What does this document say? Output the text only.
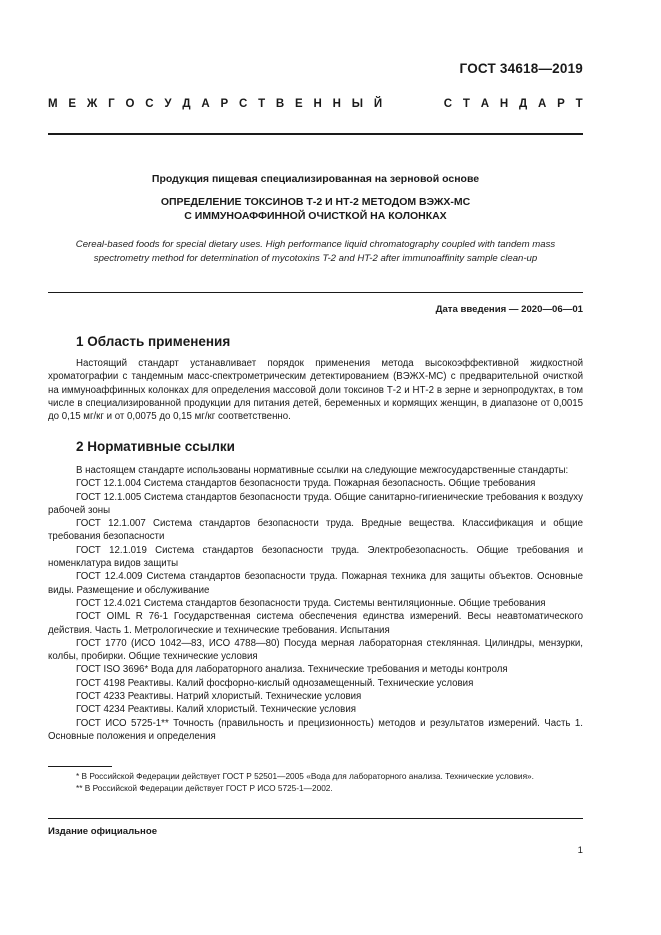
ГОСТ 34618—2019
М Е Ж Г О С У Д А Р С Т В Е Н Н Ы Й	С Т А Н Д А Р Т
Продукция пищевая специализированная на зерновой основе
ОПРЕДЕЛЕНИЕ ТОКСИНОВ Т-2 И НТ-2 МЕТОДОМ ВЭЖХ-МС
С ИММУНОАФФИННОЙ ОЧИСТКОЙ НА КОЛОНКАХ
Cereal-based foods for special dietary uses. High performance liquid chromatography coupled with tandem mass
spectrometry method for determination of mycotoxins T-2 and HT-2 after immunoaffinity sample clean-up
Дата введения — 2020—06—01
1 Область применения

Настоящий стандарт устанавливает порядок применения метода высокоэффективной жидкостной хроматографии с тандемным масс-спектрометрическим детектированием (ВЭЖХ-МС) с предварительной очисткой на иммуноаффинных колонках для определения массовой доли токсинов Т-2 и НТ-2 в зерне и зернопродуктах, в том числе в специализированной продукции для питания детей, беременных и кормящих женщин, в диапазоне от 0,0015 до 0,15 мг/кг и от 0,0075 до 0,15 мг/кг соответственно.

2 Нормативные ссылки

В настоящем стандарте использованы нормативные ссылки на следующие межгосударственные стандарты:

ГОСТ 12.1.004 Система стандартов безопасности труда. Пожарная безопасность. Общие требования

ГОСТ 12.1.005 Система стандартов безопасности труда. Общие санитарно-гигиенические требования к воздуху рабочей зоны

ГОСТ 12.1.007 Система стандартов безопасности труда. Вредные вещества. Классификация и общие требования безопасности

ГОСТ 12.1.019 Система стандартов безопасности труда. Электробезопасность. Общие требования и номенклатура видов защиты

ГОСТ 12.4.009 Система стандартов безопасности труда. Пожарная техника для защиты объектов. Основные виды. Размещение и обслуживание

ГОСТ 12.4.021 Система стандартов безопасности труда. Системы вентиляционные. Общие требования

ГОСТ OIML R 76-1 Государственная система обеспечения единства измерений. Весы неавтоматического действия. Часть 1. Метрологические и технические требования. Испытания

ГОСТ 1770 (ИСО 1042—83, ИСО 4788—80) Посуда мерная лабораторная стеклянная. Цилиндры, мензурки, колбы, пробирки. Общие технические условия

ГОСТ ISO 3696* Вода для лабораторного анализа. Технические требования и методы контроля

ГОСТ 4198 Реактивы. Калий фосфорно-кислый однозамещенный. Технические условия

ГОСТ 4233 Реактивы. Натрий хлористый. Технические условия

ГОСТ 4234 Реактивы. Калий хлористый. Технические условия

ГОСТ ИСО 5725-1** Точность (правильность и прецизионность) методов и результатов измерений. Часть 1. Основные положения и определения

* В Российской Федерации действует ГОСТ Р 52501—2005 «Вода для лабораторного анализа. Технические условия».

** В Российской Федерации действует ГОСТ Р ИСО 5725-1—2002.

Издание официальное
1
